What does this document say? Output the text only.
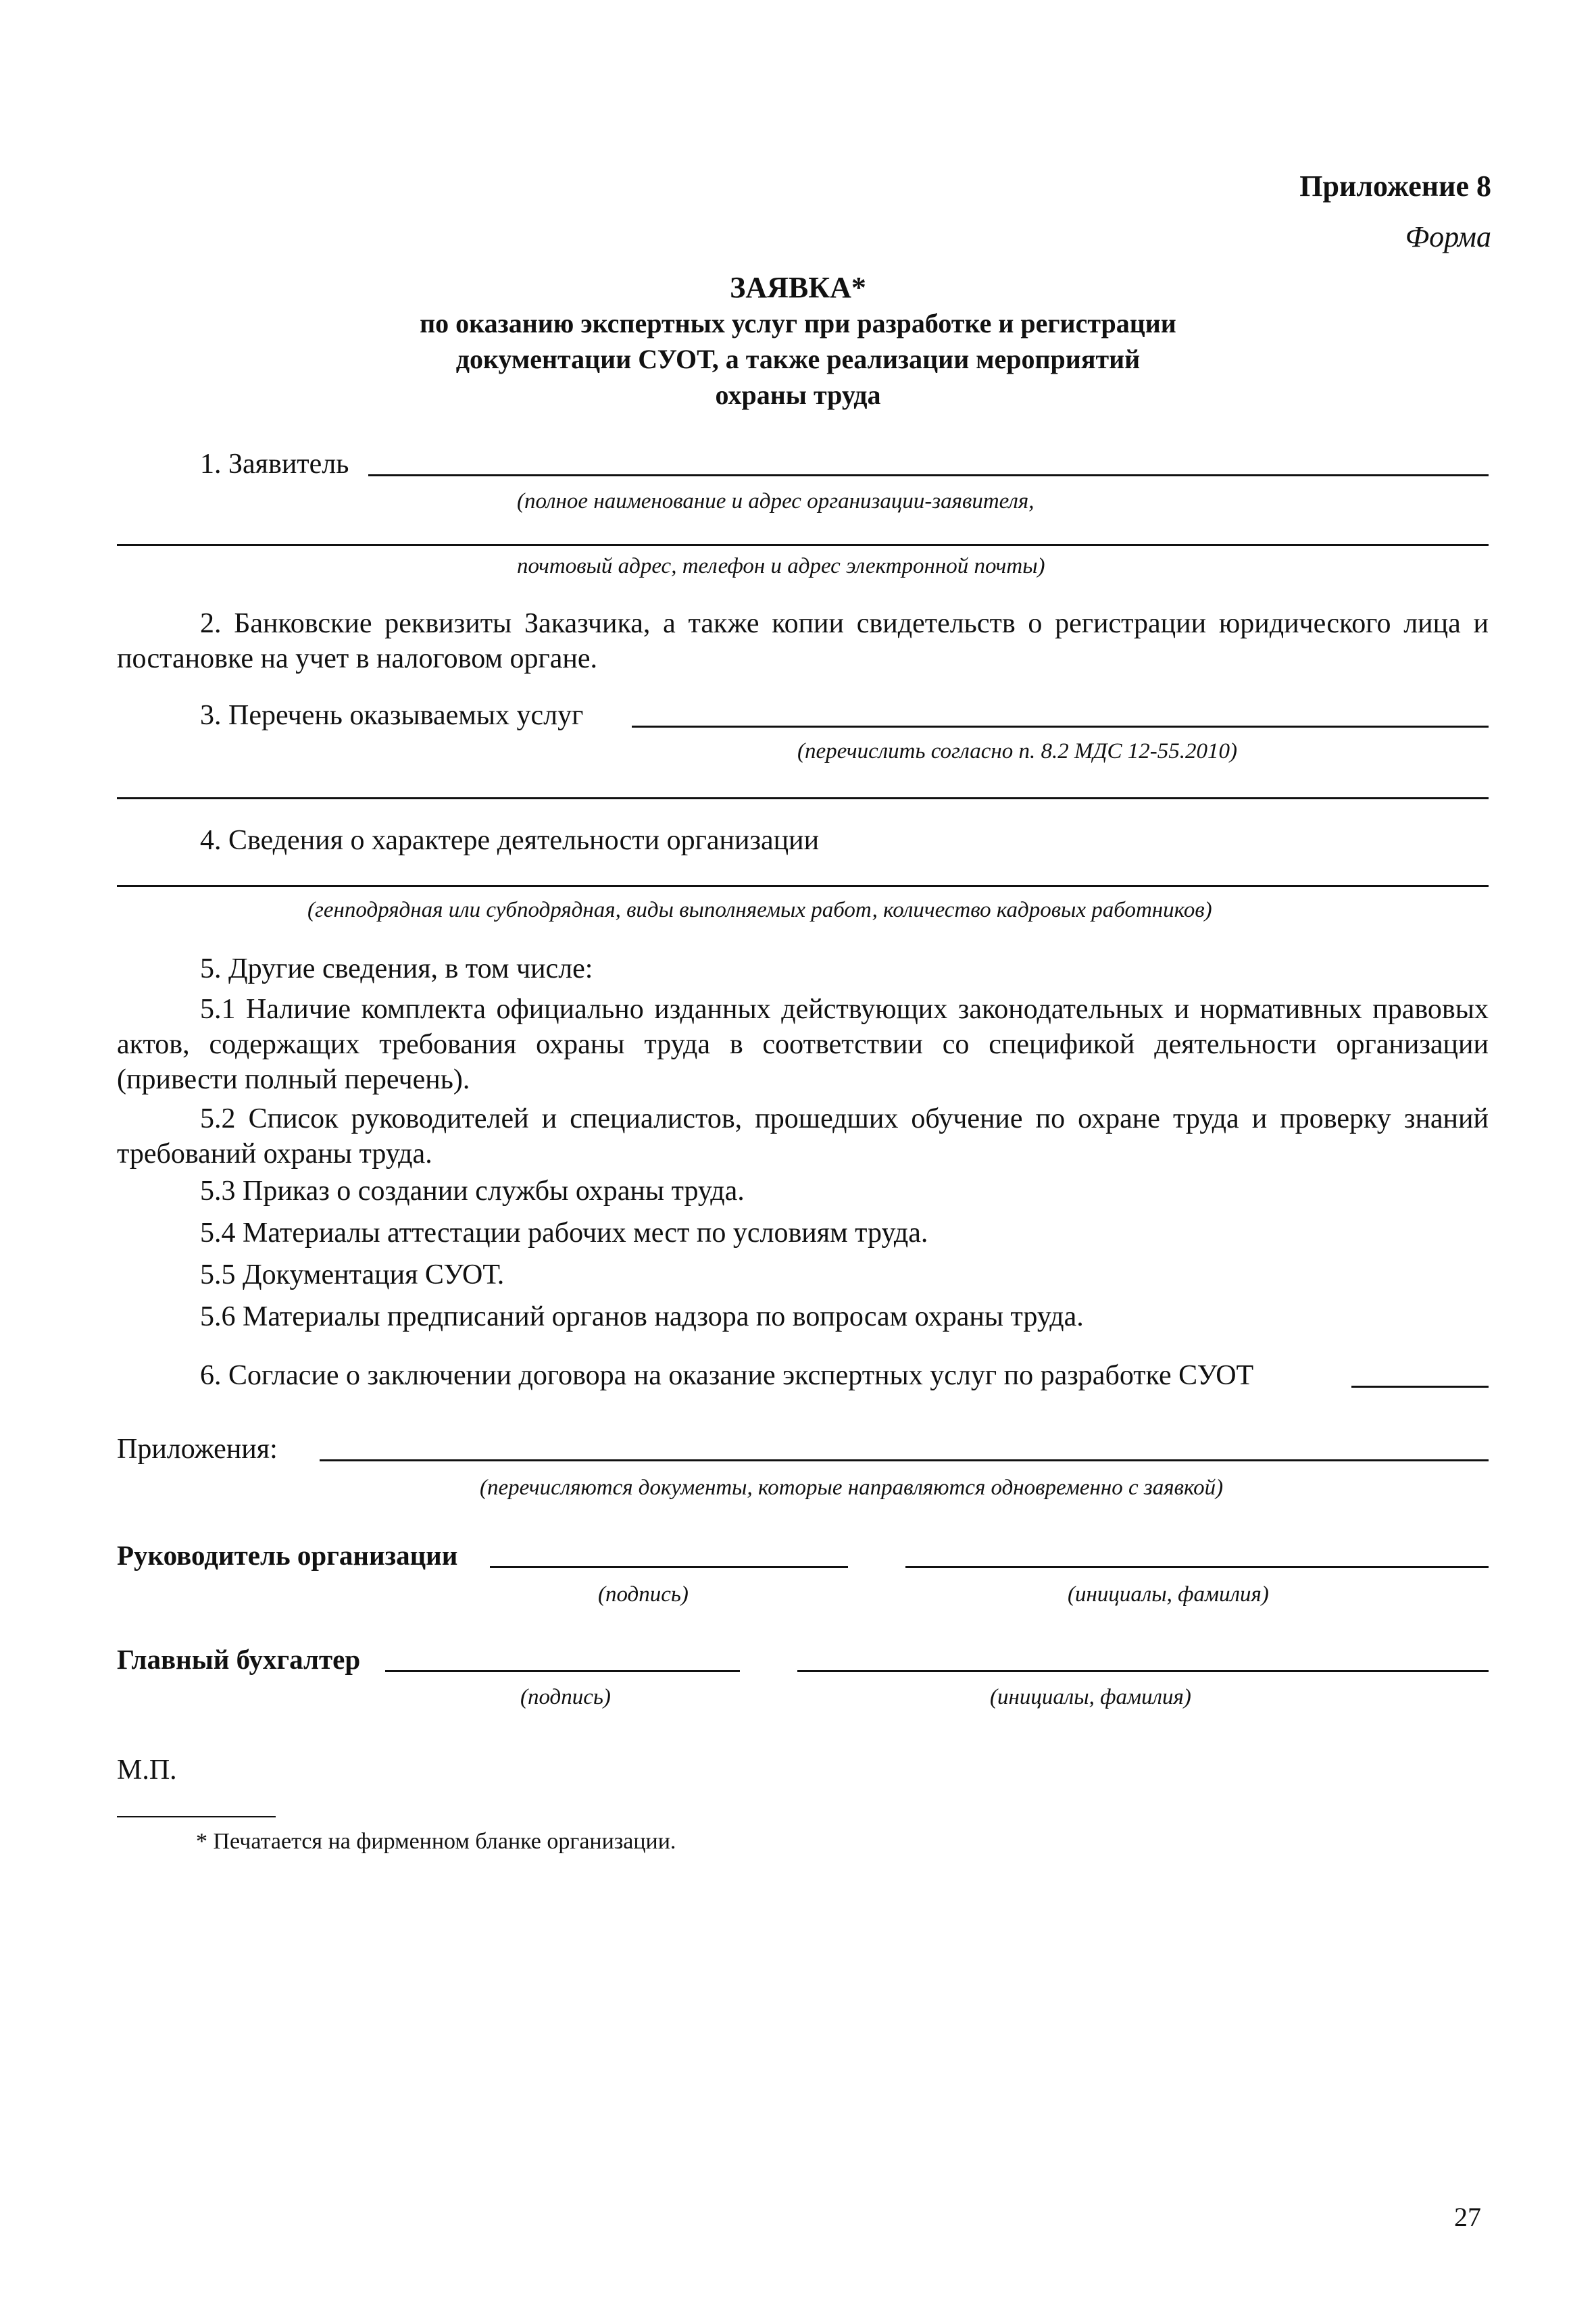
Приложение 8
Форма
ЗАЯВКА*
по оказанию экспертных услуг при разработке и регистрации
документации СУОТ, а также реализации мероприятий
охраны труда
1. Заявитель
(полное наименование и адрес организации-заявителя,
почтовый адрес, телефон и адрес электронной почты)
2. Банковские реквизиты Заказчика, а также копии свидетельств о регистрации юридического лица и постановке на учет в налоговом органе.
3. Перечень оказываемых услуг
(перечислить согласно п. 8.2 МДС 12-55.2010)
4. Сведения о характере деятельности организации
(генподрядная или субподрядная, виды выполняемых работ, количество кадровых работников)
5. Другие сведения, в том числе:
5.1 Наличие комплекта официально изданных действующих законодательных и нормативных правовых актов, содержащих требования охраны труда в соответствии со спецификой деятельности организации (привести полный перечень).
5.2 Список руководителей и специалистов, прошедших обучение по охране труда и проверку знаний требований охраны труда.
5.3 Приказ о создании службы охраны труда.
5.4 Материалы аттестации рабочих мест по условиям труда.
5.5 Документация СУОТ.
5.6 Материалы предписаний органов надзора по вопросам охраны труда.
6. Согласие о заключении договора на оказание экспертных услуг по разработке СУОТ
Приложения:
(перечисляются документы, которые направляются одновременно с заявкой)
Руководитель организации
(подпись)	(инициалы, фамилия)
Главный бухгалтер
(подпись)	(инициалы, фамилия)
М.П.
* Печатается на фирменном бланке организации.
27
